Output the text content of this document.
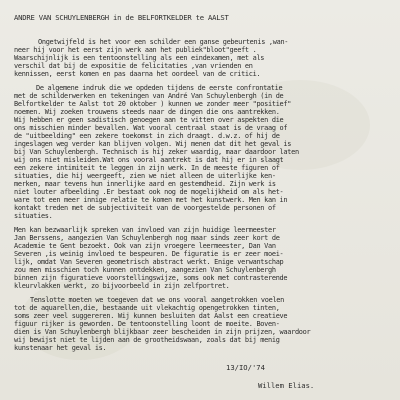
ANDRE VAN SCHUYLENBERGH in de BELFORTKELDER te AALST
Ongetwijfeld is het voor een schilder een ganse gebeurtenis ,wan-
neer hij voor het eerst zijn werk aan het publiek"bloot"geeft .
Waarschijnlijk is een tentoonstelling als een eindexamen, met als
verschil dat bij de expositie de felicitaties ,van vrienden en
kennissen, eerst komen en pas daarna het oordeel van de critici.
De algemene indruk die we opdeden tijdens de eerste confrontatie
met de schilderwerken en tekeningen van André Van Schuylenbergh (in de
Belfortkelder te Aalst tot 20 oktober ) kunnen we zonder meer "positief"
noemen. Wij zoeken trouwens steeds naar de dingen die ons aantrekken.
Wij hebben er geen sadistisch genoegen aan te vitten over aspekten die
ons misschien minder bevallen. Wat vooral centraal staat is de vraag of
de "uitbeelding" een zekere toekomst in zich draagt. d.w.z. of hij de
ingeslagen weg verder kan blijven volgen. Wij menen dat dit het geval is
bij Van Schuylenbergh. Technisch is hij zeker waardig, maar daardoor laten
wij ons niet misleiden.Wat ons vooral aantrekt is dat hij er in slaagt
een zekere intimiteit te leggen in zijn werk. In de meeste figuren of
situaties, die hij weergeeft, zien we niet alleen de uiterlijke ken-
merken, maar tevens hun innerlijke aard en gestemdheid. Zijn werk is
niet louter afbeelding .Er bestaat ook nog de mogelijkheid om als het-
ware tot een meer innige relatie te komen met het kunstwerk. Men kan in
kontakt treden met de subjectiviteit van de voorgestelde personen of
situaties.
Men kan bezwaarlijk spreken van invloed van zijn huidige leermeester
Jan Berssens, aangezien Van Schuylenbergh nog maar sinds zeer kort de
Academie te Gent bezoekt. Ook van zijn vroegere leermeester, Dan Van
Severen ,is weinig invloed te bespeuren. De figuratie is er zeer moei-
lijk, omdat Van Severen geometrisch abstract werkt. Enige verwantschap
zou men misschien toch kunnen ontdekken, aangezien Van Schuylenbergh
binnen zijn figuratieve voorstellingswijze, soms ook met contrasterende
kleurvlakken werkt, zo bijvoorbeeld in zijn zelfportret.
Tenslotte moeten we toegeven dat we ons vooral aangetrokken voelen
tot de aquarellen,die, bestaande uit vlekachtig opengetrokken tinten,
soms zeer veel suggereren. Wij kunnen besluiten dat Aalst een creatieve
figuur rijker is geworden. De tentoonstelling loont de moeite. Boven-
dien is Van Schuylenbergh blijkbaar zeer bescheiden in zijn prijzen, waardoor
wij bewijst niet te lijden aan de grootheidswaan, zoals dat bij menig
kunstenaar het geval is.
13/IO/'74
Willem Elias.
